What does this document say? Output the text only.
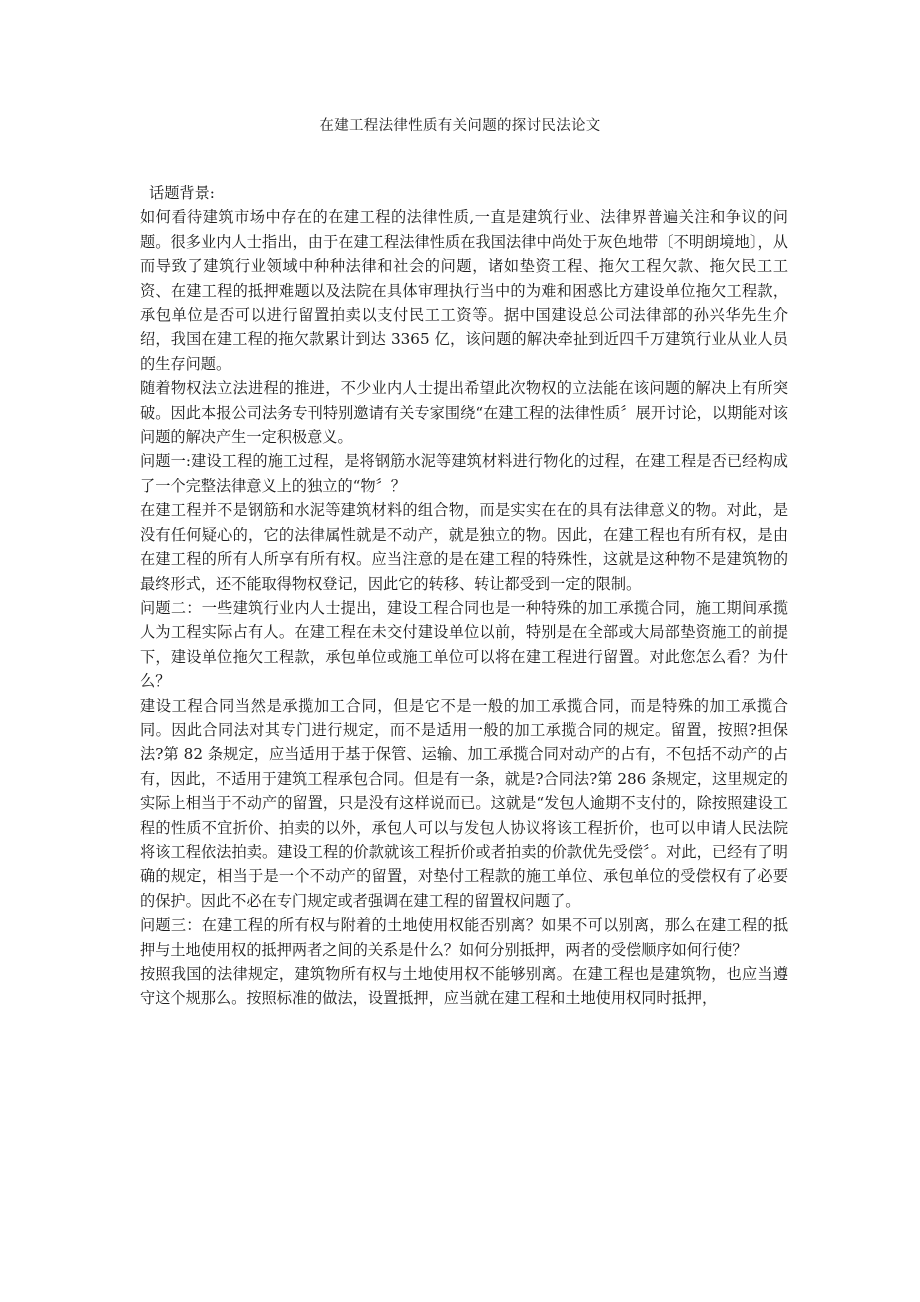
在建工程法律性质有关问题的探讨民法论文

话题背景:

如何看待建筑市场中存在的在建工程的法律性质,一直是建筑行业、法律界普遍关注和争议的问题。很多业内人士指出，由于在建工程法律性质在我国法律中尚处于灰色地带〔不明朗境地〕，从而导致了建筑行业领域中种种法律和社会的问题，诸如垫资工程、拖欠工程欠款、拖欠民工工资、在建工程的抵押难题以及法院在具体审理执行当中的为难和困惑比方建设单位拖欠工程款，承包单位是否可以进行留置拍卖以支付民工工资等。据中国建设总公司法律部的孙兴华先生介绍，我国在建工程的拖欠款累计到达 3365 亿，该问题的解决牵扯到近四千万建筑行业从业人员的生存问题。

随着物权法立法进程的推进，不少业内人士提出希望此次物权的立法能在该问题的解决上有所突破。因此本报公司法务专刊特别邀请有关专家围绕“在建工程的法律性质〞展开讨论，以期能对该问题的解决产生一定积极意义。

问题一:建设工程的施工过程，是将钢筋水泥等建筑材料进行物化的过程，在建工程是否已经构成了一个完整法律意义上的独立的“物〞？

在建工程并不是钢筋和水泥等建筑材料的组合物，而是实实在在的具有法律意义的物。对此，是没有任何疑心的，它的法律属性就是不动产，就是独立的物。因此，在建工程也有所有权，是由在建工程的所有人所享有所有权。应当注意的是在建工程的特殊性，这就是这种物不是建筑物的最终形式，还不能取得物权登记，因此它的转移、转让都受到一定的限制。

问题二：一些建筑行业内人士提出，建设工程合同也是一种特殊的加工承揽合同，施工期间承揽人为工程实际占有人。在建工程在未交付建设单位以前，特别是在全部或大局部垫资施工的前提下，建设单位拖欠工程款，承包单位或施工单位可以将在建工程进行留置。对此您怎么看？为什么？

建设工程合同当然是承揽加工合同，但是它不是一般的加工承揽合同，而是特殊的加工承揽合同。因此合同法对其专门进行规定，而不是适用一般的加工承揽合同的规定。留置，按照?担保法?第 82 条规定，应当适用于基于保管、运输、加工承揽合同对动产的占有，不包括不动产的占有，因此，不适用于建筑工程承包合同。但是有一条，就是?合同法?第 286 条规定，这里规定的实际上相当于不动产的留置，只是没有这样说而已。这就是“发包人逾期不支付的，除按照建设工程的性质不宜折价、拍卖的以外，承包人可以与发包人协议将该工程折价，也可以申请人民法院将该工程依法拍卖。建设工程的价款就该工程折价或者拍卖的价款优先受偿〞。对此，已经有了明确的规定，相当于是一个不动产的留置，对垫付工程款的施工单位、承包单位的受偿权有了必要的保护。因此不必在专门规定或者强调在建工程的留置权问题了。

问题三：在建工程的所有权与附着的土地使用权能否别离？如果不可以别离，那么在建工程的抵押与土地使用权的抵押两者之间的关系是什么？如何分别抵押，两者的受偿顺序如何行使？

按照我国的法律规定，建筑物所有权与土地使用权不能够别离。在建工程也是建筑物，也应当遵守这个规那么。按照标准的做法，设置抵押，应当就在建工程和土地使用权同时抵押，
